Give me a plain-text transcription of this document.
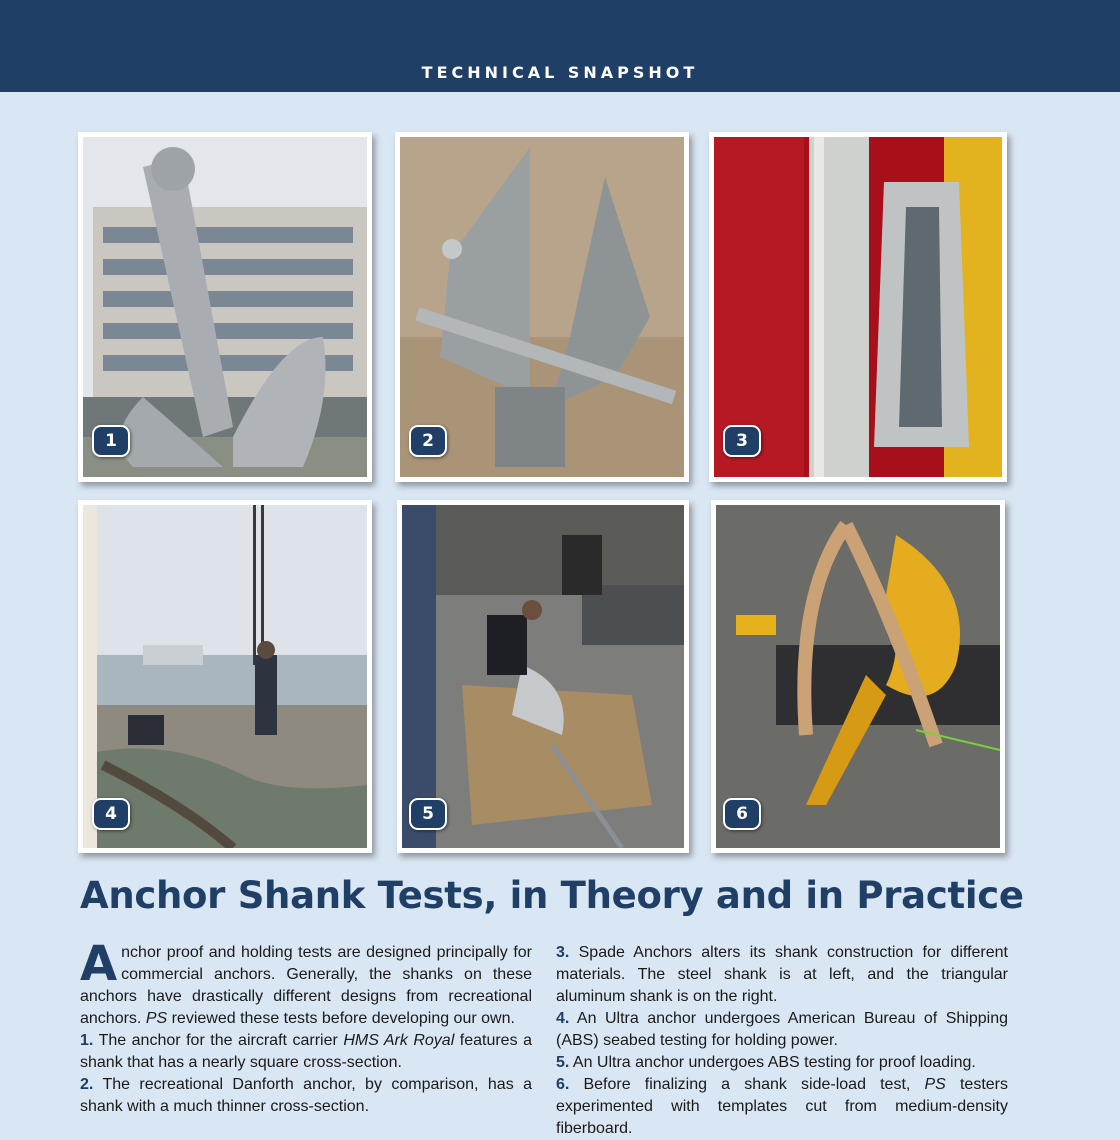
TECHNICAL SNAPSHOT
1	2	3
4	5	6
Anchor Shank Tests, in Theory and in Practice

Anchor proof and holding tests are designed principally for commercial anchors. Generally, the shanks on these anchors have drastically different designs from recreational anchors. PS reviewed these tests before developing our own.

1. The anchor for the aircraft carrier HMS Ark Royal features a shank that has a nearly square cross-section.

2. The recreational Danforth anchor, by comparison, has a shank with a much thinner cross-section.

3. Spade Anchors alters its shank construction for different materials. The steel shank is at left, and the triangular aluminum shank is on the right.

4. An Ultra anchor undergoes American Bureau of Shipping (ABS) seabed testing for holding power.

5. An Ultra anchor undergoes ABS testing for proof loading.

6. Before finalizing a shank side-load test, PS testers experimented with templates cut from medium-density fiberboard.
